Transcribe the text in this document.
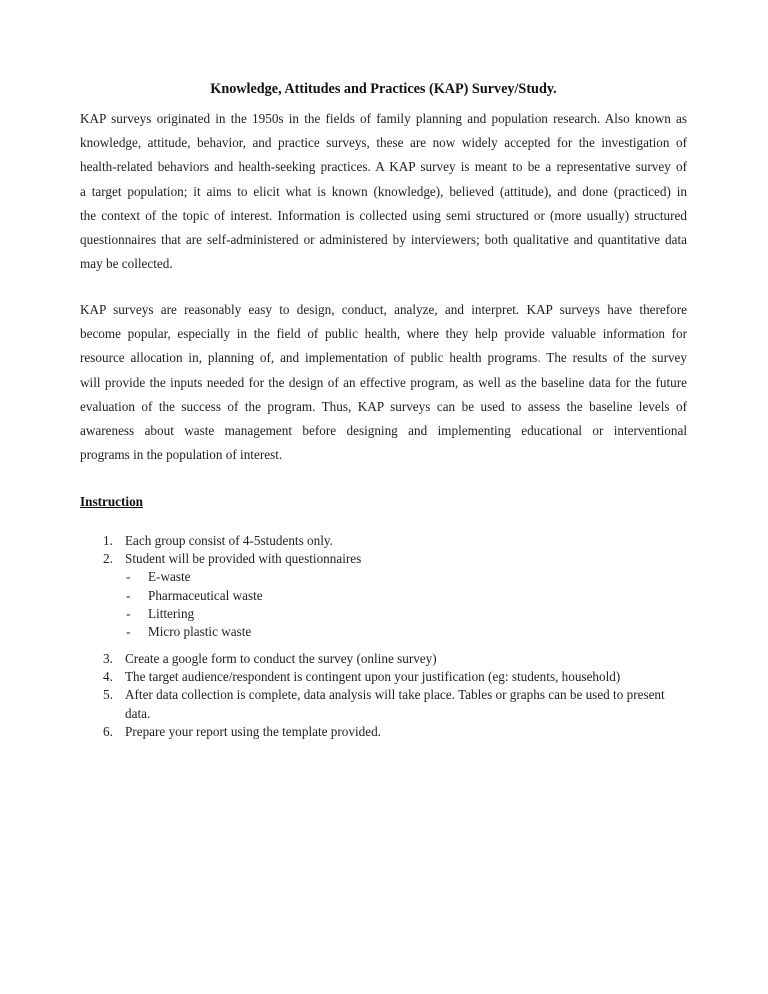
Knowledge, Attitudes and Practices (KAP) Survey/Study.
KAP surveys originated in the 1950s in the fields of family planning and population research. Also known as
knowledge, attitude, behavior, and practice surveys, these are now widely accepted for the investigation of
health-related behaviors and health-seeking practices. A KAP survey is meant to be a representative survey of
a target population; it aims to elicit what is known (knowledge), believed (attitude), and done (practiced) in
the context of the topic of interest. Information is collected using semi structured or (more usually) structured
questionnaires that are self-administered or administered by interviewers; both qualitative and quantitative data
may be collected.
KAP surveys are reasonably easy to design, conduct, analyze, and interpret. KAP surveys have therefore
become popular, especially in the field of public health, where they help provide valuable information for
resource allocation in, planning of, and implementation of public health programs. The results of the survey
will provide the inputs needed for the design of an effective program, as well as the baseline data for the future
evaluation of the success of the program. Thus, KAP surveys can be used to assess the baseline levels of
awareness about waste management before designing and implementing educational or interventional
programs in the population of interest.
Instruction
1. Each group consist of 4-5students only.
2. Student will be provided with questionnaires
- E-waste
- Pharmaceutical waste
- Littering
- Micro plastic waste
3. Create a google form to conduct the survey (online survey)
4. The target audience/respondent is contingent upon your justification (eg: students, household)
5. After data collection is complete, data analysis will take place. Tables or graphs can be used to present
data.
6. Prepare your report using the template provided.
